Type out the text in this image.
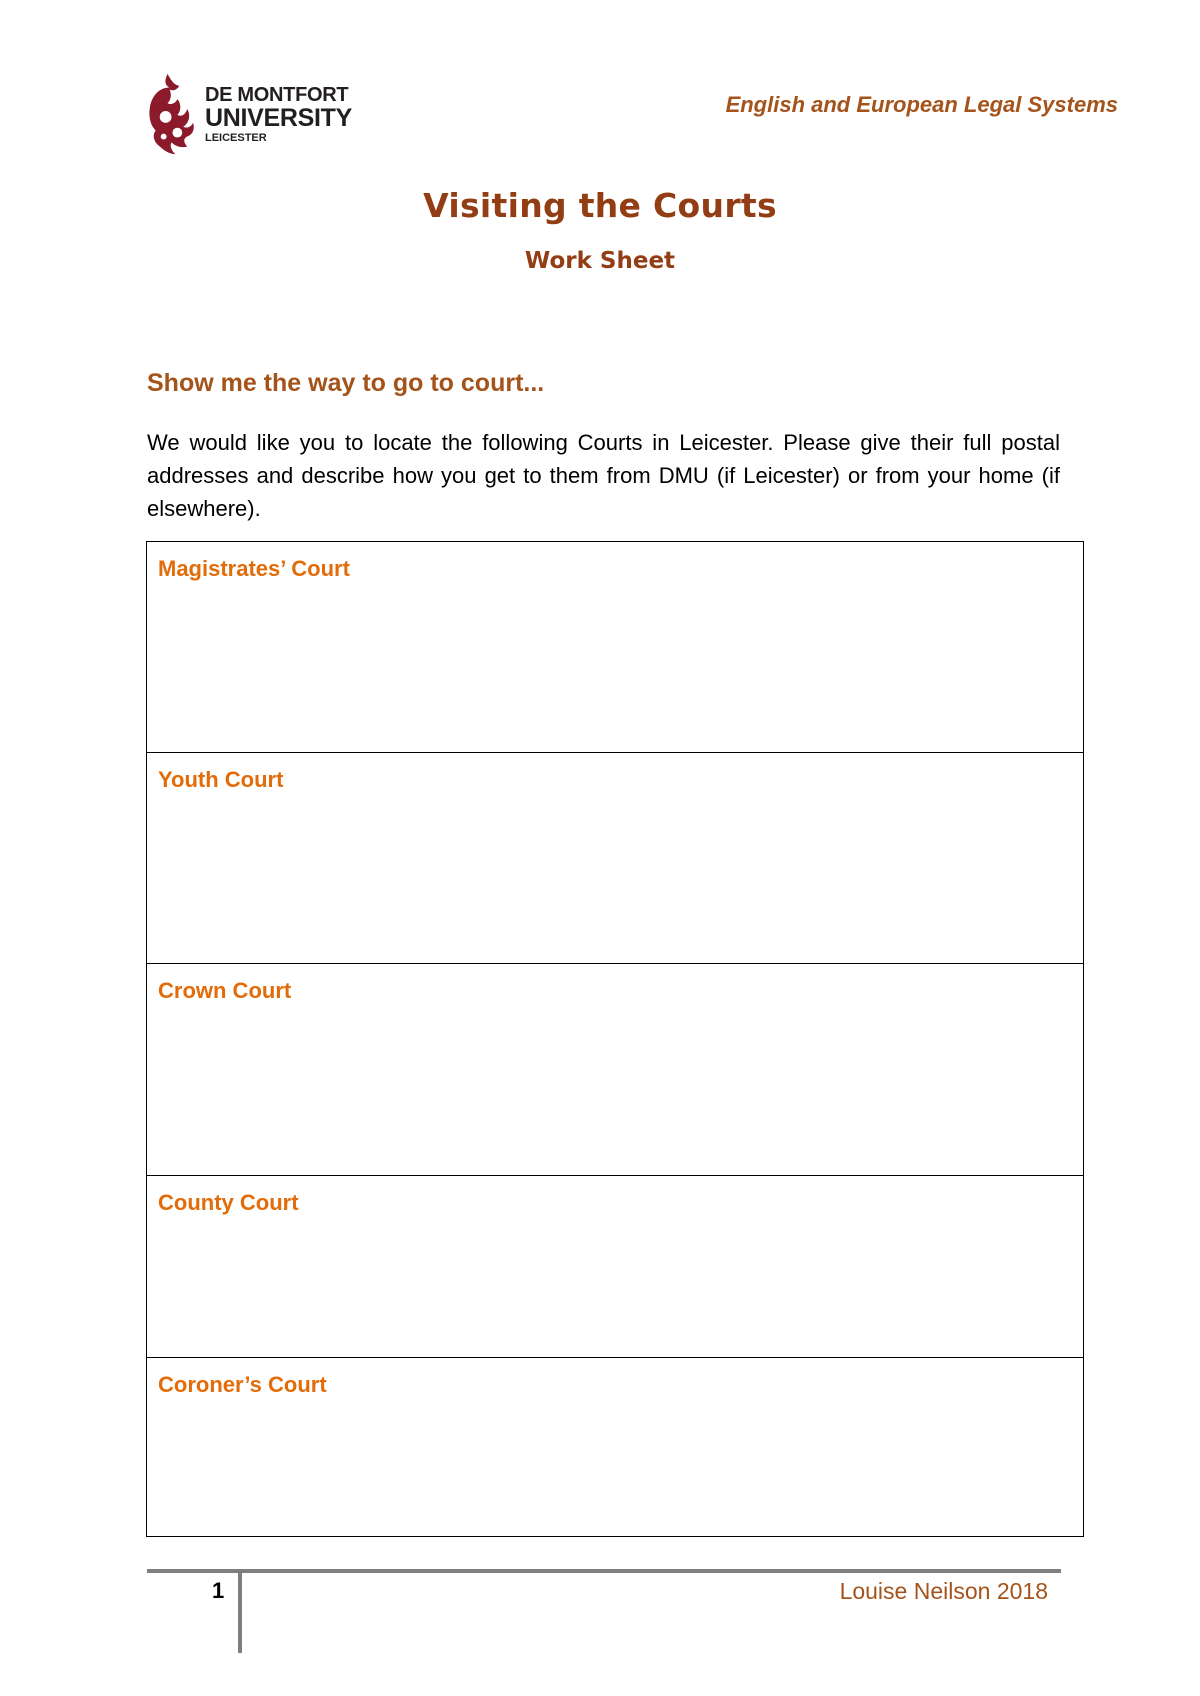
DE MONTFORT
UNIVERSITY
LEICESTER
English and European Legal Systems
Visiting the Courts
Work Sheet
Show me the way to go to court...
We would like you to locate the following Courts in Leicester. Please give their full postal addresses and describe how you get to them from DMU (if Leicester) or from your home (if elsewhere).
Magistrates’ Court
Youth Court
Crown Court
County Court
Coroner’s Court
1	Louise Neilson 2018
